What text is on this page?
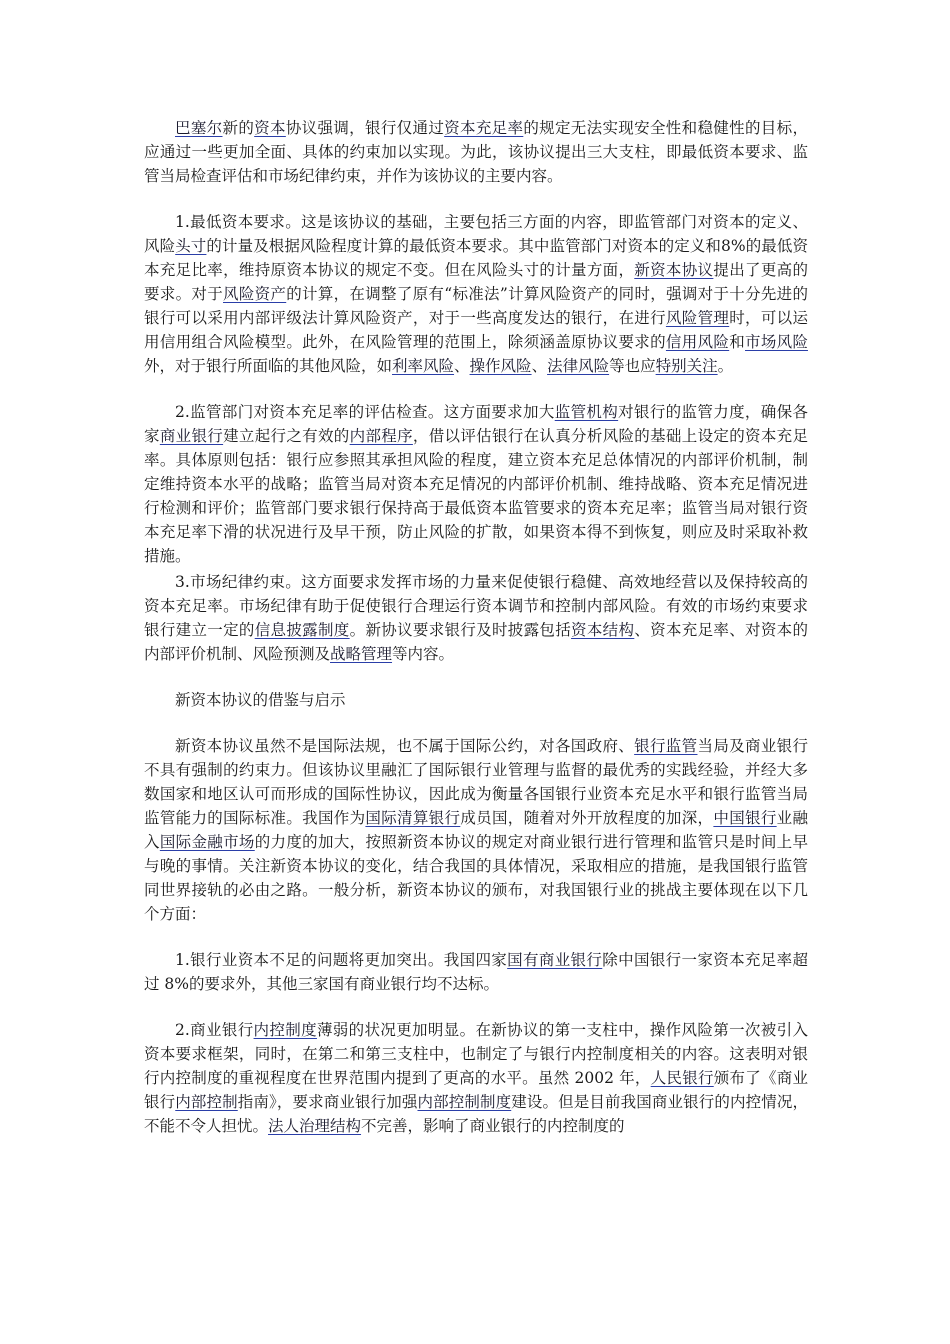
巴塞尔新的资本协议强调，银行仅通过资本充足率的规定无法实现安全性和稳健性的目标，应通过一些更加全面、具体的约束加以实现。为此，该协议提出三大支柱，即最低资本要求、监管当局检查评估和市场纪律约束，并作为该协议的主要内容。

1.最低资本要求。这是该协议的基础，主要包括三方面的内容，即监管部门对资本的定义、风险头寸的计量及根据风险程度计算的最低资本要求。其中监管部门对资本的定义和8%的最低资本充足比率，维持原资本协议的规定不变。但在风险头寸的计量方面，新资本协议提出了更高的要求。对于风险资产的计算，在调整了原有“标准法”计算风险资产的同时，强调对于十分先进的银行可以采用内部评级法计算风险资产，对于一些高度发达的银行，在进行风险管理时，可以运用信用组合风险模型。此外，在风险管理的范围上，除须涵盖原协议要求的信用风险和市场风险外，对于银行所面临的其他风险，如利率风险、操作风险、法律风险等也应特别关注。

2.监管部门对资本充足率的评估检查。这方面要求加大监管机构对银行的监管力度，确保各家商业银行建立起行之有效的内部程序，借以评估银行在认真分析风险的基础上设定的资本充足率。具体原则包括：银行应参照其承担风险的程度，建立资本充足总体情况的内部评价机制，制定维持资本水平的战略；监管当局对资本充足情况的内部评价机制、维持战略、资本充足情况进行检测和评价；监管部门要求银行保持高于最低资本监管要求的资本充足率；监管当局对银行资本充足率下滑的状况进行及早干预，防止风险的扩散，如果资本得不到恢复，则应及时采取补救措施。

3.市场纪律约束。这方面要求发挥市场的力量来促使银行稳健、高效地经营以及保持较高的资本充足率。市场纪律有助于促使银行合理运行资本调节和控制内部风险。有效的市场约束要求银行建立一定的信息披露制度。新协议要求银行及时披露包括资本结构、资本充足率、对资本的内部评价机制、风险预测及战略管理等内容。

新资本协议的借鉴与启示

新资本协议虽然不是国际法规，也不属于国际公约，对各国政府、银行监管当局及商业银行不具有强制的约束力。但该协议里融汇了国际银行业管理与监督的最优秀的实践经验，并经大多数国家和地区认可而形成的国际性协议，因此成为衡量各国银行业资本充足水平和银行监管当局监管能力的国际标准。我国作为国际清算银行成员国，随着对外开放程度的加深，中国银行业融入国际金融市场的力度的加大，按照新资本协议的规定对商业银行进行管理和监管只是时间上早与晚的事情。关注新资本协议的变化，结合我国的具体情况，采取相应的措施，是我国银行监管同世界接轨的必由之路。一般分析，新资本协议的颁布，对我国银行业的挑战主要体现在以下几个方面：

1.银行业资本不足的问题将更加突出。我国四家国有商业银行除中国银行一家资本充足率超过 8%的要求外，其他三家国有商业银行均不达标。

2.商业银行内控制度薄弱的状况更加明显。在新协议的第一支柱中，操作风险第一次被引入资本要求框架，同时，在第二和第三支柱中，也制定了与银行内控制度相关的内容。这表明对银行内控制度的重视程度在世界范围内提到了更高的水平。虽然 2002 年，人民银行颁布了《商业银行内部控制指南》，要求商业银行加强内部控制制度建设。但是目前我国商业银行的内控情况，不能不令人担忧。法人治理结构不完善，影响了商业银行的内控制度的
